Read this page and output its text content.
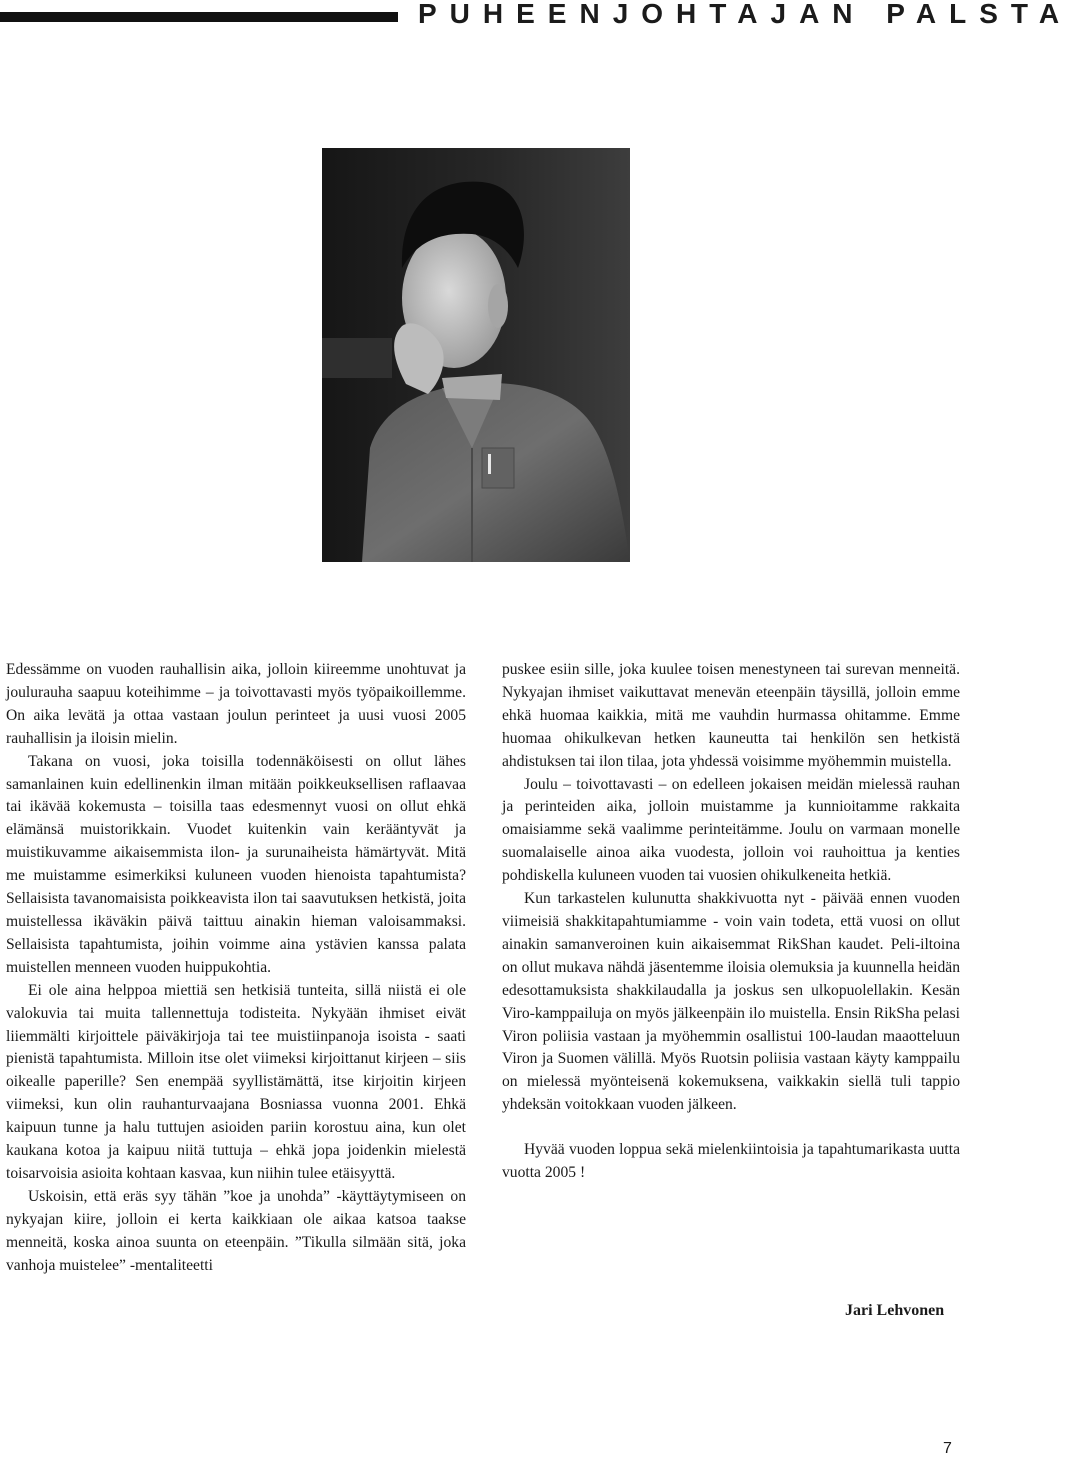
PUHEENJOHTAJAN PALSTA

Edessämme on vuoden rauhallisin aika, jolloin kiireemme unohtuvat ja joulurauha saapuu koteihimme – ja toivottavasti myös työpaikoillemme. On aika levätä ja ottaa vastaan joulun perinteet ja uusi vuosi 2005 rauhallisin ja iloisin mielin.

Takana on vuosi, joka toisilla todennäköisesti on ollut lähes samanlainen kuin edellinenkin ilman mitään poikkeuksellisen raflaavaa tai ikävää kokemusta – toisilla taas edesmennyt vuosi on ollut ehkä elämänsä muistorikkain. Vuodet kuitenkin vain kerääntyvät ja muistikuvamme aikaisemmista ilon- ja surunaiheista hämärtyvät. Mitä me muistamme esimerkiksi kuluneen vuoden hienoista tapahtumista? Sellaisista tavanomaisista poikkeavista ilon tai saavutuksen hetkistä, joita muistellessa ikäväkin päivä taittuu ainakin hieman valoisammaksi. Sellaisista tapahtumista, joihin voimme aina ystävien kanssa palata muistellen menneen vuoden huippukohtia.

Ei ole aina helppoa miettiä sen hetkisiä tunteita, sillä niistä ei ole valokuvia tai muita tallennettuja todisteita. Nykyään ihmiset eivät liiemmälti kirjoittele päiväkirjoja tai tee muistiinpanoja isoista - saati pienistä tapahtumista. Milloin itse olet viimeksi kirjoittanut kirjeen – siis oikealle paperille? Sen enempää syyllistämättä, itse kirjoitin kirjeen viimeksi, kun olin rauhanturvaajana Bosniassa vuonna 2001. Ehkä kaipuun tunne ja halu tuttujen asioiden pariin korostuu aina, kun olet kaukana kotoa ja kaipuu niitä tuttuja – ehkä jopa joidenkin mielestä toisarvoisia asioita kohtaan kasvaa, kun niihin tulee etäisyyttä.

Uskoisin, että eräs syy tähän ”koe ja unohda” -käyttäytymiseen on nykyajan kiire, jolloin ei kerta kaikkiaan ole aikaa katsoa taakse menneitä, koska ainoa suunta on eteenpäin. ”Tikulla silmään sitä, joka vanhoja muistelee” -mentaliteetti

puskee esiin sille, joka kuulee toisen menestyneen tai surevan menneitä. Nykyajan ihmiset vaikuttavat menevän eteenpäin täysillä, jolloin emme ehkä huomaa kaikkia, mitä me vauhdin hurmassa ohitamme. Emme huomaa ohikulkevan hetken kauneutta tai henkilön sen hetkistä ahdistuksen tai ilon tilaa, jota yhdessä voisimme myöhemmin muistella.

Joulu – toivottavasti – on edelleen jokaisen meidän mielessä rauhan ja perinteiden aika, jolloin muistamme ja kunnioitamme rakkaita omaisiamme sekä vaalimme perinteitämme. Joulu on varmaan monelle suomalaiselle ainoa aika vuodesta, jolloin voi rauhoittua ja kenties pohdiskella kuluneen vuoden tai vuosien ohikulkeneita hetkiä.

Kun tarkastelen kulunutta shakkivuotta nyt - päivää ennen vuoden viimeisiä shakkitapahtumiamme - voin vain todeta, että vuosi on ollut ainakin samanveroinen kuin aikaisemmat RikShan kaudet. Peli-iltoina on ollut mukava nähdä jäsentemme iloisia olemuksia ja kuunnella heidän edesottamuksista shakkilaudalla ja joskus sen ulkopuolellakin. Kesän Viro-kamppailuja on myös jälkeenpäin ilo muistella. Ensin RikSha pelasi Viron poliisia vastaan ja myöhemmin osallistui 100-laudan maaotteluun Viron ja Suomen välillä. Myös Ruotsin poliisia vastaan käyty kamppailu on mielessä myönteisenä kokemuksena, vaikkakin siellä tuli tappio yhdeksän voitokkaan vuoden jälkeen.

Hyvää vuoden loppua sekä mielenkiintoisia ja tapahtumarikasta uutta vuotta 2005 !

Jari Lehvonen
7
